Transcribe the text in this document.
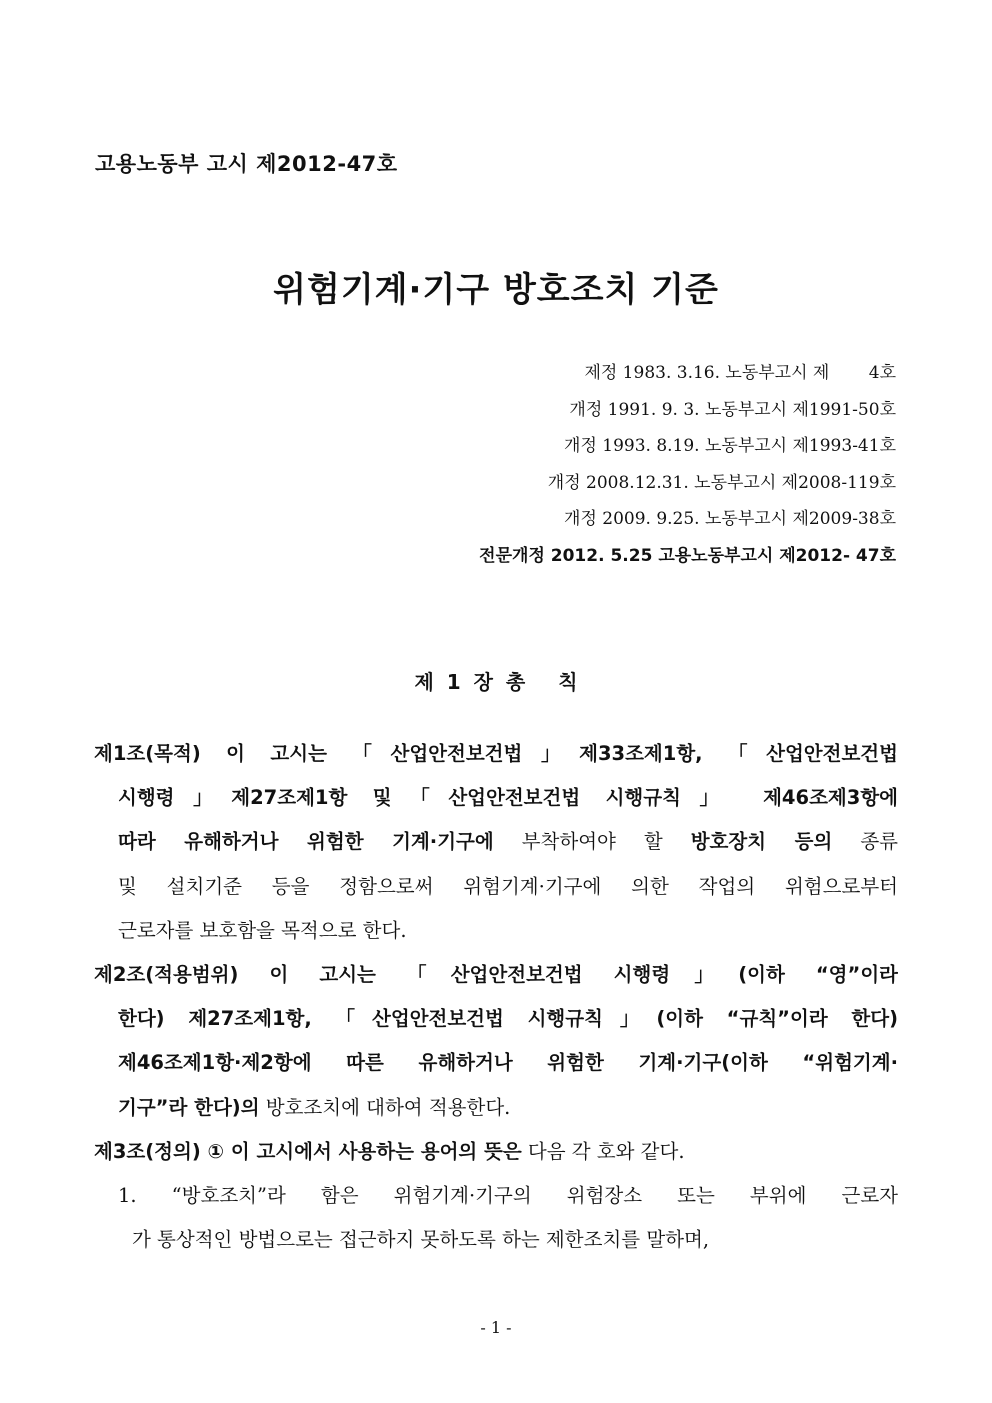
고용노동부 고시 제2012-47호
위험기계·기구 방호조치 기준
제정 1983. 3.16. 노동부고시 제 　　4호
개정 1991. 9. 3. 노동부고시 제1991-50호
개정 1993. 8.19. 노동부고시 제1993-41호
개정 2008.12.31. 노동부고시 제2008-119호
개정 2009. 9.25. 노동부고시 제2009-38호
전문개정 2012. 5.25 고용노동부고시 제2012- 47호
제 1 장 총 　칙
제1조(목적) 이 고시는 「산업안전보건법」제33조제1항, 「산업안전보건법
시행령」제27조제1항 및「산업안전보건법 시행규칙」 제46조제3항에
따라 유해하거나 위험한 기계·기구에 부착하여야 할 방호장치 등의 종류
및 설치기준 등을 정함으로써 위험기계·기구에 의한 작업의 위험으로부터
근로자를 보호함을 목적으로 한다.
제2조(적용범위) 이 고시는 「산업안전보건법 시행령」(이하 “영”이라
한다) 제27조제1항, 「산업안전보건법 시행규칙」(이하 “규칙”이라 한다)
제46조제1항·제2항에 따른 유해하거나 위험한 기계·기구(이하 “위험기계·
기구”라 한다)의 방호조치에 대하여 적용한다.
제3조(정의) ① 이 고시에서 사용하는 용어의 뜻은 다음 각 호와 같다.
1. “방호조치”라 함은 위험기계·기구의 위험장소 또는 부위에 근로자
가 통상적인 방법으로는 접근하지 못하도록 하는 제한조치를 말하며,
- 1 -
